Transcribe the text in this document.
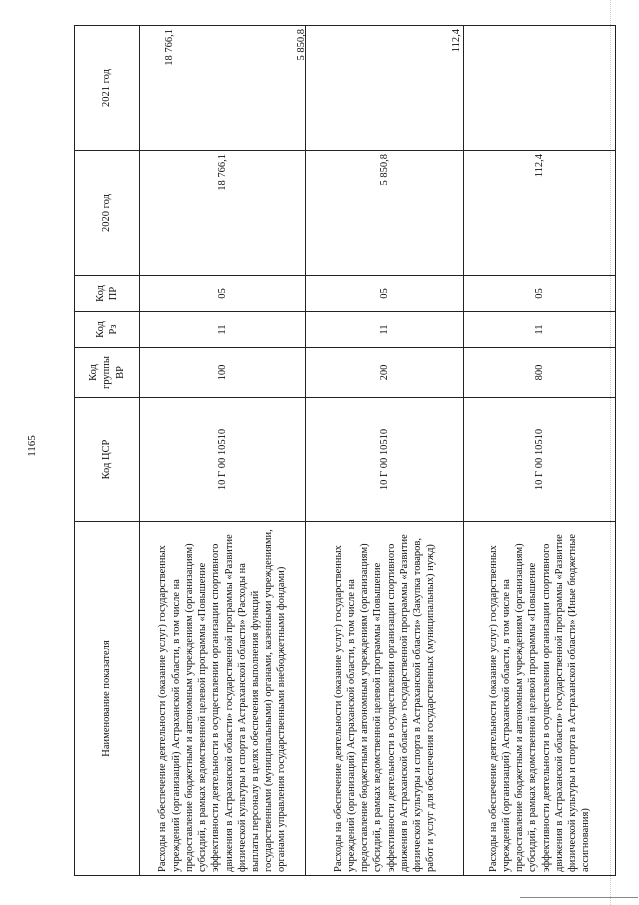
1165
Наименование показателя	Код ЦСР	Код группы ВР	Код Рз	Код ПР	2020 год	2021 год
Расходы на обеспечение деятельности (оказание услуг) государственных учреждений (организаций) Астраханской области, в том числе на предоставление бюджетным и автономным учреждениям (организациям) субсидий, в рамках ведомственной целевой программы «Повышение эффективности деятельности в осуществлении организации спортивного движения в Астраханской области» государственной программы «Развитие физической культуры и спорта в Астраханской области» (Расходы на выплаты персоналу в целях обеспечения выполнения функций государственными (муниципальными) органами, казенными учреждениями, органами управления государственными внебюджетными фондами)	10 Г 00 10510	100	11	05	18 766,1	18 766,1

Расходы на обеспечение деятельности (оказание услуг) государственных учреждений (организаций) Астраханской области, в том числе на предоставление бюджетным и автономным учреждениям (организациям) субсидий, в рамках ведомственной целевой программы «Повышение эффективности деятельности в осуществлении организации спортивного движения в Астраханской области» государственной программы «Развитие физической культуры и спорта в Астраханской области» (Закупка товаров, работ и услуг для обеспечения государственных (муниципальных) нужд)	10 Г 00 10510	200	11	05	5 850,8	5 850,8

Расходы на обеспечение деятельности (оказание услуг) государственных учреждений (организаций) Астраханской области, в том числе на предоставление бюджетным и автономным учреждениям (организациям) субсидий, в рамках ведомственной целевой программы «Повышение эффективности деятельности в осуществлении организации спортивного движения в Астраханской области» государственной программы «Развитие физической культуры и спорта в Астраханской области» (Иные бюджетные ассигнования)	10 Г 00 10510	800	11	05	112,4	112,4
